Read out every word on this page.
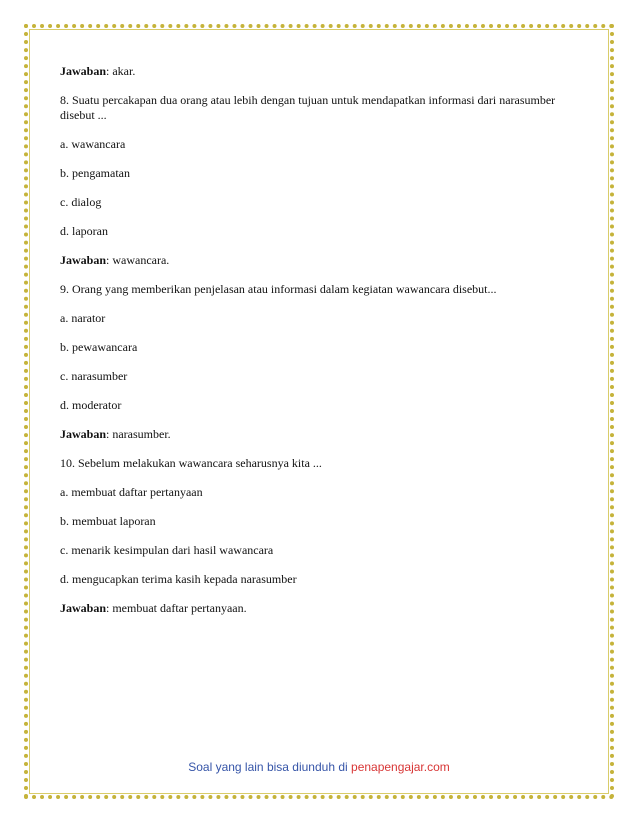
Jawaban: akar.

8. Suatu percakapan dua orang atau lebih dengan tujuan untuk mendapatkan informasi dari narasumber disebut ...

a. wawancara

b. pengamatan

c. dialog

d. laporan

Jawaban: wawancara.

9. Orang yang memberikan penjelasan atau informasi dalam kegiatan wawancara disebut...

a. narator

b. pewawancara

c. narasumber

d. moderator

Jawaban: narasumber.

10. Sebelum melakukan wawancara seharusnya kita ...

a. membuat daftar pertanyaan

b. membuat laporan

c. menarik kesimpulan dari hasil wawancara

d. mengucapkan terima kasih kepada narasumber

Jawaban: membuat daftar pertanyaan.

Soal yang lain bisa diunduh di penapengajar.com
